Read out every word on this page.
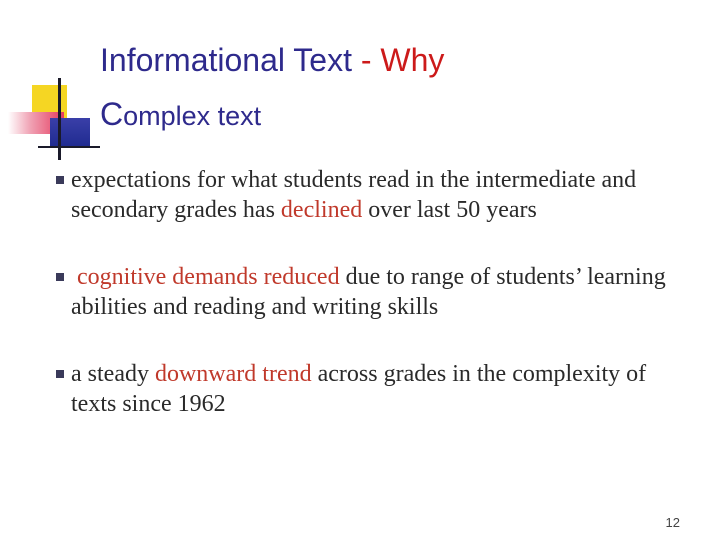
Informational Text - Why
Complex text
expectations for what students read in the intermediate and secondary grades has declined over last 50 years
cognitive demands reduced due to range of students’ learning abilities and reading and writing skills
a steady downward trend across grades in the complexity of texts since 1962
12
